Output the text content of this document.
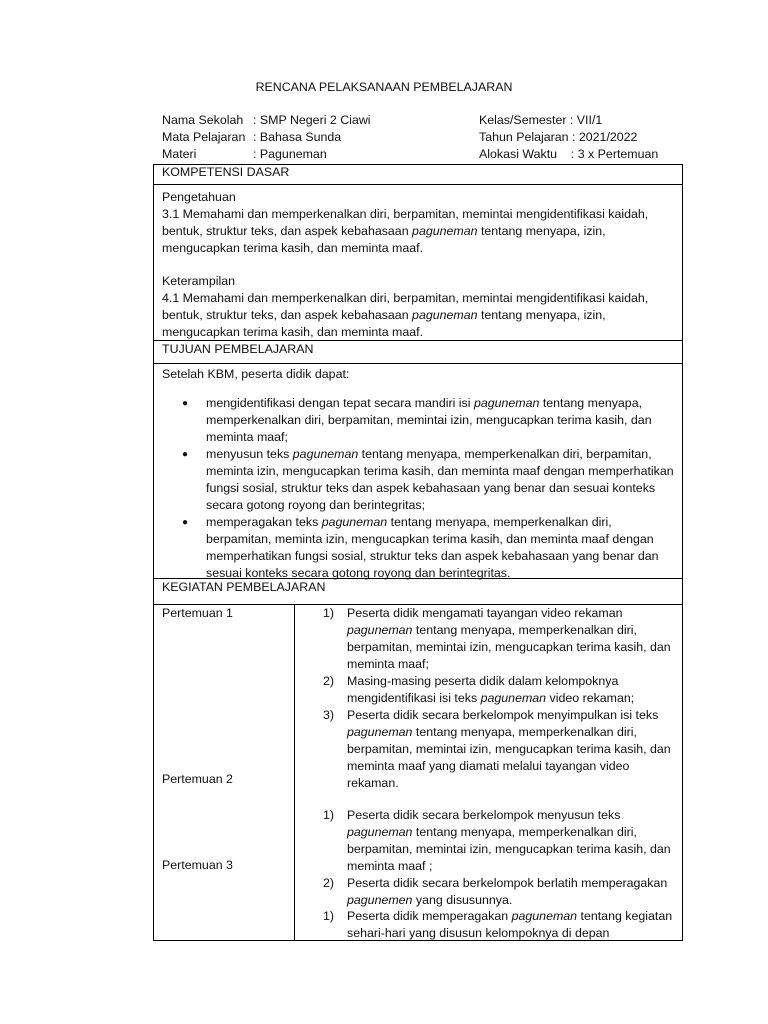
RENCANA PELAKSANAAN PEMBELAJARAN
Nama Sekolah : SMP Negeri 2 Ciawi
Mata Pelajaran : Bahasa Sunda
Materi	: Paguneman
Kelas/Semester : VII/1
Tahun Pelajaran : 2021/2022
Alokasi Waktu    : 3 x Pertemuan
KOMPETENSI DASAR

Pengetahuan

3.1 Memahami dan memperkenalkan diri, berpamitan, memintai mengidentifikasi kaidah, bentuk, struktur teks, dan aspek kebahasaan paguneman tentang menyapa, izin, mengucapkan terima kasih, dan meminta maaf.

Keterampilan

4.1 Memahami dan memperkenalkan diri, berpamitan, memintai mengidentifikasi kaidah, bentuk, struktur teks, dan aspek kebahasaan paguneman tentang menyapa, izin, mengucapkan terima kasih, dan meminta maaf.

TUJUAN PEMBELAJARAN
Setelah KBM, peserta didik dapat:
● mengidentifikasi dengan tepat secara mandiri isi paguneman tentang menyapa, memperkenalkan diri, berpamitan, memintai izin, mengucapkan terima kasih, dan meminta maaf;
● menyusun teks paguneman tentang menyapa, memperkenalkan diri, berpamitan, meminta izin, mengucapkan terima kasih, dan meminta maaf dengan memperhatikan fungsi sosial, struktur teks dan aspek kebahasaan yang benar dan sesuai konteks secara gotong royong dan berintegritas;
● memperagakan teks paguneman tentang menyapa, memperkenalkan diri, berpamitan, meminta izin, mengucapkan terima kasih, dan meminta maaf dengan memperhatikan fungsi sosial, struktur teks dan aspek kebahasaan yang benar dan sesuai konteks secara gotong royong dan berintegritas.
KEGIATAN PEMBELAJARAN
Pertemuan 1
Pertemuan 2
Pertemuan 3
1) Peserta didik mengamati tayangan video rekaman paguneman tentang menyapa, memperkenalkan diri, berpamitan, memintai izin, mengucapkan terima kasih, dan meminta maaf;
2) Masing-masing peserta didik dalam kelompoknya mengidentifikasi isi teks paguneman video rekaman;
3) Peserta didik secara berkelompok menyimpulkan isi teks paguneman tentang menyapa, memperkenalkan diri, berpamitan, memintai izin, mengucapkan terima kasih, dan meminta maaf yang diamati melalui tayangan video rekaman.
1) Peserta didik secara berkelompok menyusun teks paguneman tentang menyapa, memperkenalkan diri, berpamitan, memintai izin, mengucapkan terima kasih, dan meminta maaf ;
2) Peserta didik secara berkelompok berlatih memperagakan pagunemen yang disusunnya.
1) Peserta didik memperagakan paguneman tentang kegiatan sehari-hari yang disusun kelompoknya di depan
